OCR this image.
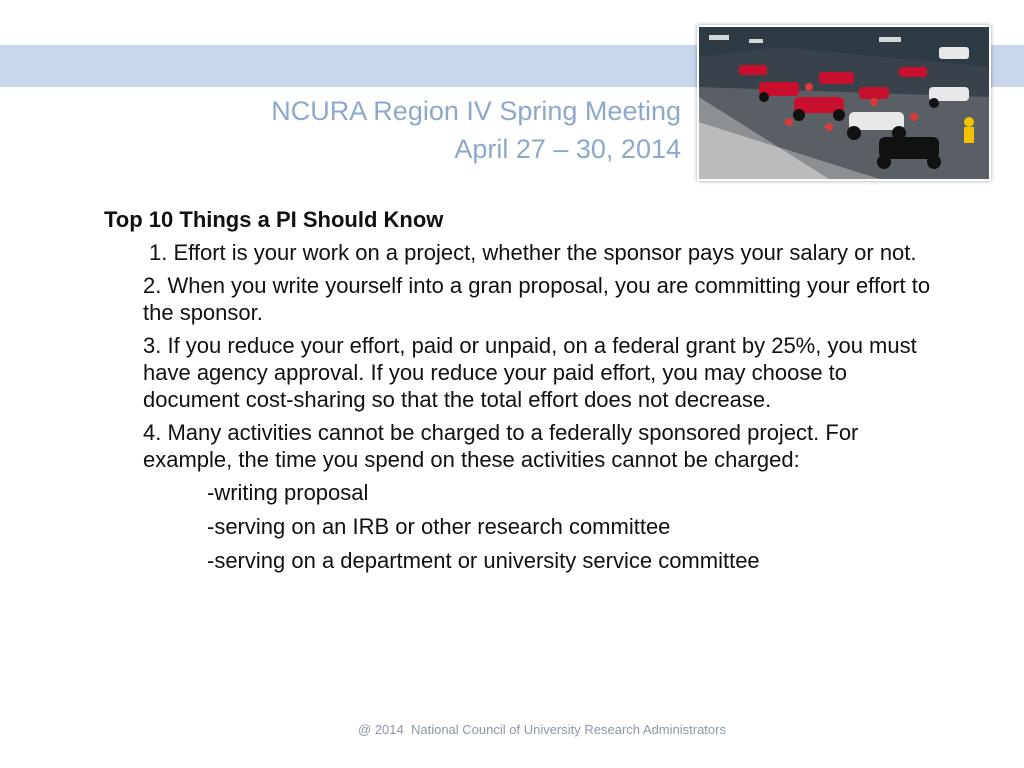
NCURA Region IV Spring Meeting
April 27 – 30, 2014
Top 10 Things a PI Should Know
1. Effort is your work on a project, whether the sponsor pays your salary or not.
2. When you write yourself into a gran proposal, you are committing your effort to the sponsor.
3. If you reduce your effort, paid or unpaid, on a federal grant by 25%, you must have agency approval. If you reduce your paid effort, you may choose to document cost-sharing so that the total effort does not decrease.
4. Many activities cannot be charged to a federally sponsored project. For example, the time you spend on these activities cannot be charged:
-writing proposal
-serving on an IRB or other research committee
-serving on a department or university service committee
@ 2014  National Council of University Research Administrators
